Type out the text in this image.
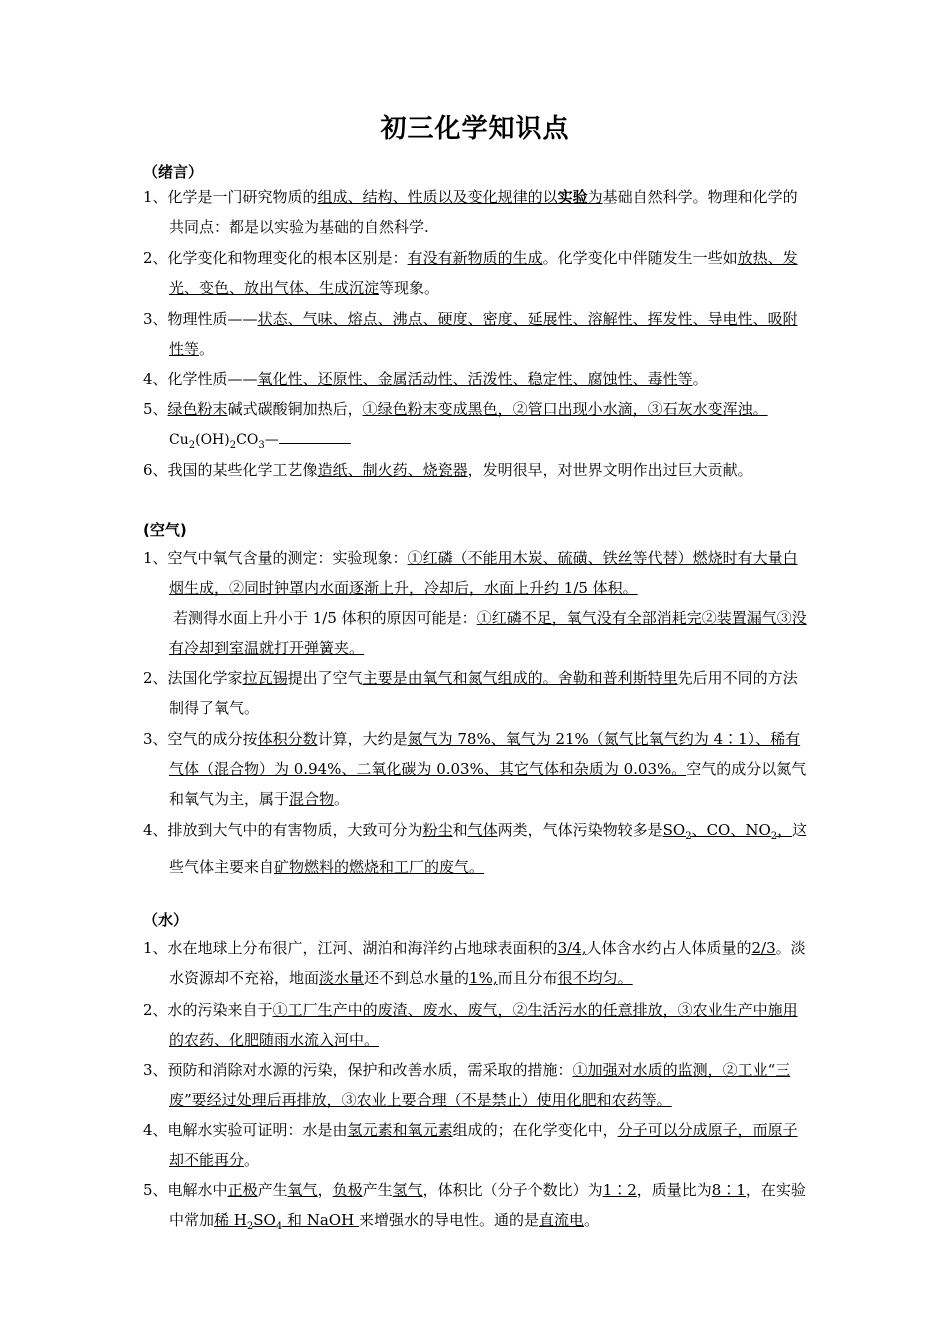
初三化学知识点
（绪言）
1、化学是一门研究物质的组成、结构、性质以及变化规律的以实验为基础自然科学。物理和化学的共同点：都是以实验为基础的自然科学.
2、化学变化和物理变化的根本区别是：有没有新物质的生成。化学变化中伴随发生一些如放热、发光、变色、放出气体、生成沉淀等现象。
3、物理性质——状态、气味、熔点、沸点、硬度、密度、延展性、溶解性、挥发性、导电性、吸附性等。
4、化学性质——氧化性、还原性、金属活动性、活泼性、稳定性、腐蚀性、毒性等。
5、绿色粉末碱式碳酸铜加热后，①绿色粉末变成黑色，②管口出现小水滴，③石灰水变浑浊。
$Cu_2(OH)_2CO_3—$
6、我国的某些化学工艺像造纸、制火药、烧瓷器，发明很早，对世界文明作出过巨大贡献。
(空气)
1、空气中氧气含量的测定：实验现象：①红磷（不能用木炭、硫磺、铁丝等代替）燃烧时有大量白烟生成，②同时钟罩内水面逐渐上升，冷却后，水面上升约 1/5 体积。
若测得水面上升小于 1/5 体积的原因可能是：①红磷不足，氧气没有全部消耗完②装置漏气③没有冷却到室温就打开弹簧夹。
2、法国化学家拉瓦锡提出了空气主要是由氧气和氮气组成的。舍勒和普利斯特里先后用不同的方法制得了氧气。
3、空气的成分按体积分数计算，大约是氮气为 78%、氧气为 21%（氮气比氧气约为 4∶1）、稀有气体（混合物）为 0.94%、二氧化碳为 0.03%、其它气体和杂质为 0.03%。空气的成分以氮气和氧气为主，属于混合物。
4、排放到大气中的有害物质，大致可分为粉尘和气体两类，气体污染物较多是$SO_2$、CO、$NO_2$，这些气体主要来自矿物燃料的燃烧和工厂的废气。
（水）
1、水在地球上分布很广，江河、湖泊和海洋约占地球表面积的3/4,人体含水约占人体质量的2/3。淡水资源却不充裕，地面淡水量还不到总水量的1%,而且分布很不均匀。
2、水的污染来自于①工厂生产中的废渣、废水、废气，②生活污水的任意排放，③农业生产中施用的农药、化肥随雨水流入河中。
3、预防和消除对水源的污染，保护和改善水质，需采取的措施：①加强对水质的监测，②工业“三废”要经过处理后再排放，③农业上要合理（不是禁止）使用化肥和农药等。
4、电解水实验可证明：水是由氢元素和氧元素组成的；在化学变化中，分子可以分成原子，而原子却不能再分。
5、电解水中正极产生氧气，负极产生氢气，体积比（分子个数比）为1∶2，质量比为8∶1，在实验中常加稀 $H_2SO_4$ 和 NaOH 来增强水的导电性。通的是直流电。
